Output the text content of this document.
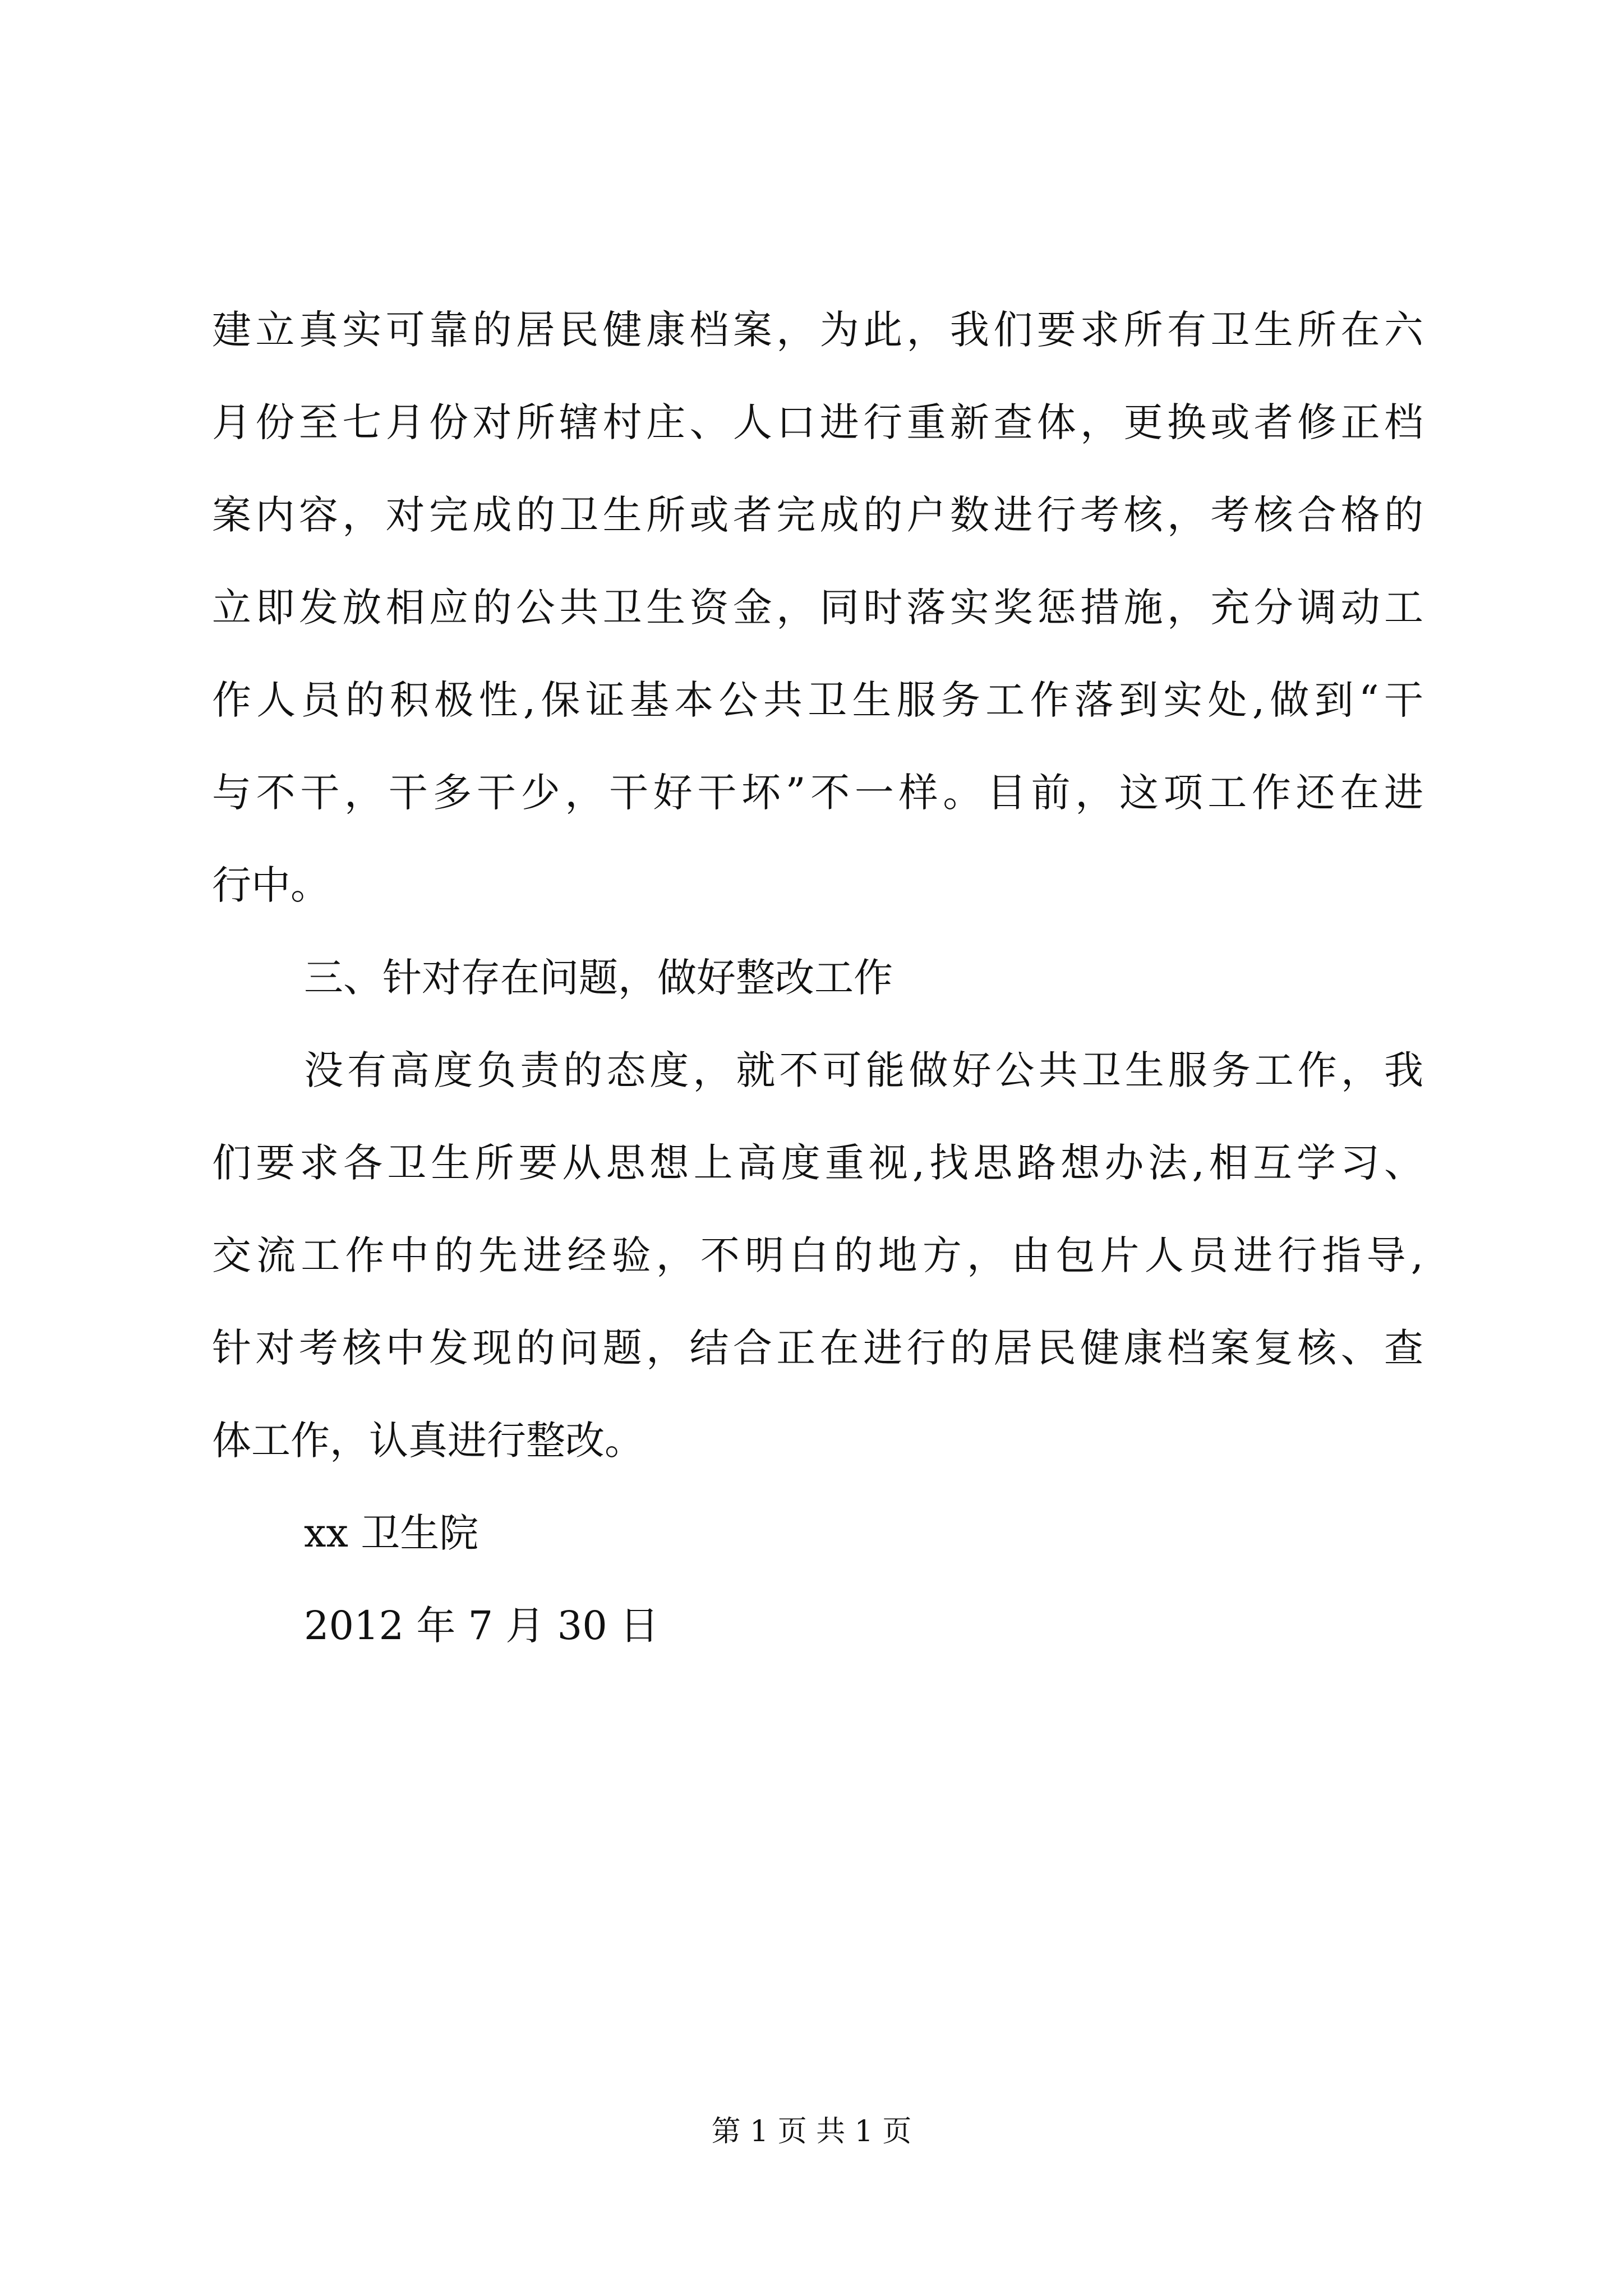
建立真实可靠的居民健康档案，为此，我们要求所有卫生所在六
月份至七月份对所辖村庄、人口进行重新查体，更换或者修正档
案内容，对完成的卫生所或者完成的户数进行考核，考核合格的
立即发放相应的公共卫生资金，同时落实奖惩措施，充分调动工
作人员的积极性,保证基本公共卫生服务工作落到实处,做到“干
与不干，干多干少，干好干坏”不一样。目前，这项工作还在进
行中。
三、针对存在问题，做好整改工作
没有高度负责的态度，就不可能做好公共卫生服务工作，我
们要求各卫生所要从思想上高度重视,找思路想办法,相互学习、
交流工作中的先进经验，不明白的地方，由包片人员进行指导,
针对考核中发现的问题，结合正在进行的居民健康档案复核、查
体工作，认真进行整改。
xx 卫生院
2012 年 7 月 30 日
第 1 页 共 1 页
